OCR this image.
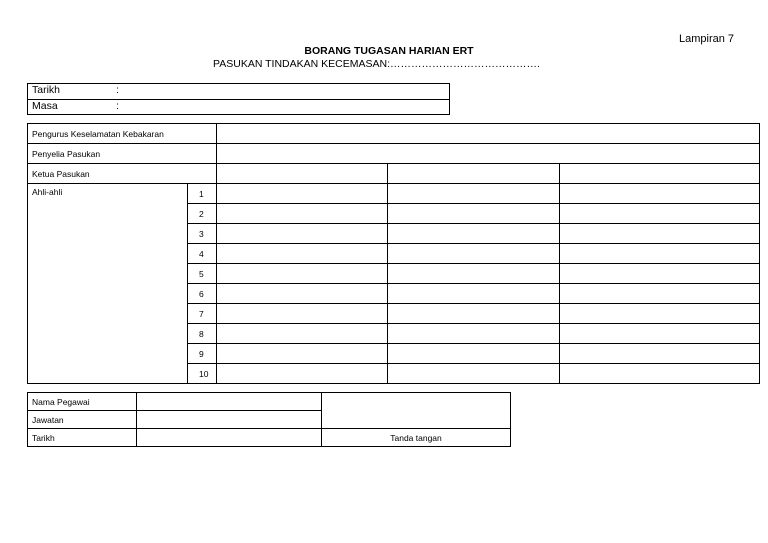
Lampiran 7
BORANG TUGASAN HARIAN ERT
PASUKAN TINDAKAN KECEMASAN:…………………………………….
Tarikh	:
Masa	:
Pengurus Keselamatan Kebakaran				
Penyelia Pasukan				
Ketua Pasukan				
Ahli-ahli	1			
	2			
	3			
	4			
	5			
	6			
	7			
	8			
	9			
	10			
Nama Pegawai		
Jawatan		
Tarikh		Tanda tangan
